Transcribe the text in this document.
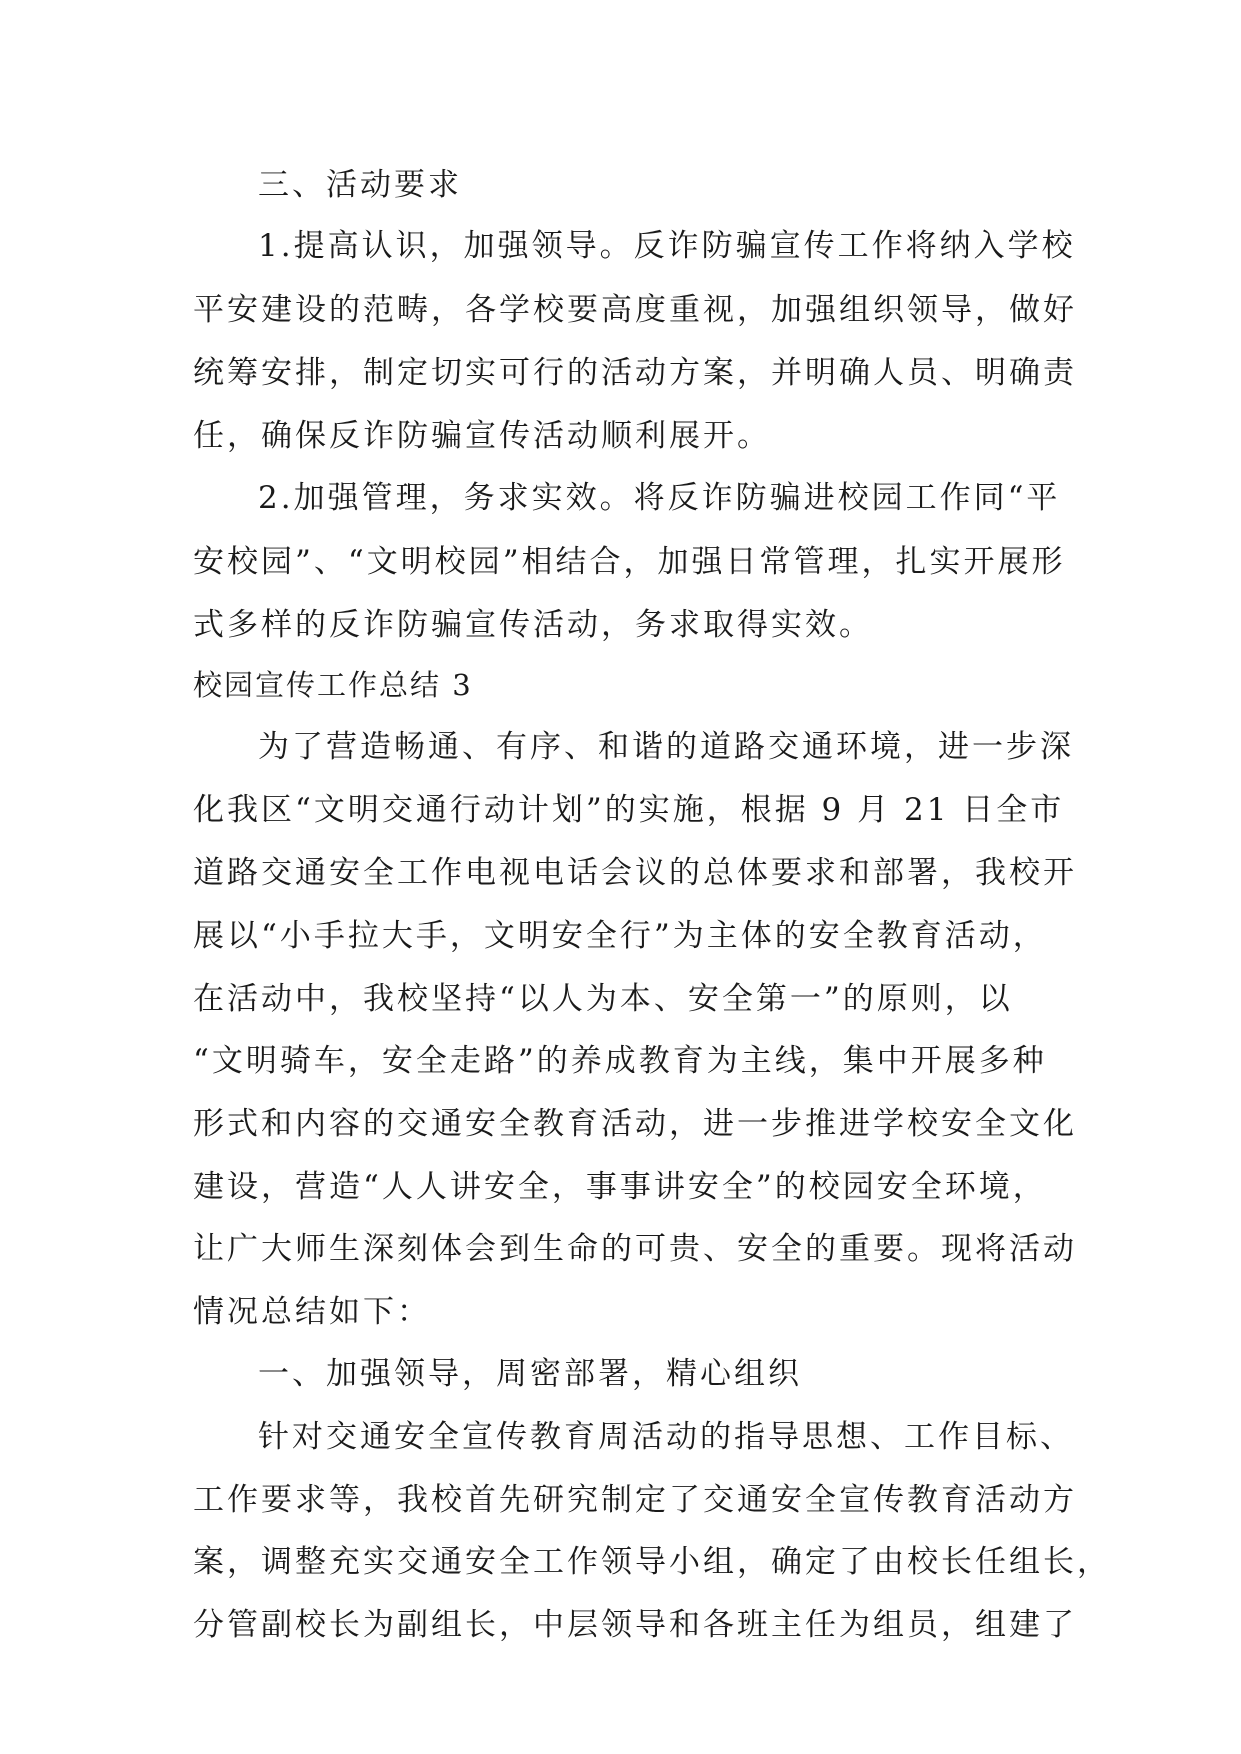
三、活动要求
1.提高认识，加强领导。反诈防骗宣传工作将纳入学校
平安建设的范畴，各学校要高度重视，加强组织领导，做好
统筹安排，制定切实可行的活动方案，并明确人员、明确责
任，确保反诈防骗宣传活动顺利展开。
2.加强管理，务求实效。将反诈防骗进校园工作同“平
安校园”、“文明校园”相结合，加强日常管理，扎实开展形
式多样的反诈防骗宣传活动，务求取得实效。
校园宣传工作总结 3
为了营造畅通、有序、和谐的道路交通环境，进一步深
化我区“文明交通行动计划”的实施，根据 9 月 21 日全市
道路交通安全工作电视电话会议的总体要求和部署，我校开
展以“小手拉大手，文明安全行”为主体的安全教育活动，
在活动中，我校坚持“以人为本、安全第一”的原则，以
“文明骑车，安全走路”的养成教育为主线，集中开展多种
形式和内容的交通安全教育活动，进一步推进学校安全文化
建设，营造“人人讲安全，事事讲安全”的校园安全环境，
让广大师生深刻体会到生命的可贵、安全的重要。现将活动
情况总结如下：
一、加强领导，周密部署，精心组织
针对交通安全宣传教育周活动的指导思想、工作目标、
工作要求等，我校首先研究制定了交通安全宣传教育活动方
案，调整充实交通安全工作领导小组，确定了由校长任组长，
分管副校长为副组长，中层领导和各班主任为组员，组建了
